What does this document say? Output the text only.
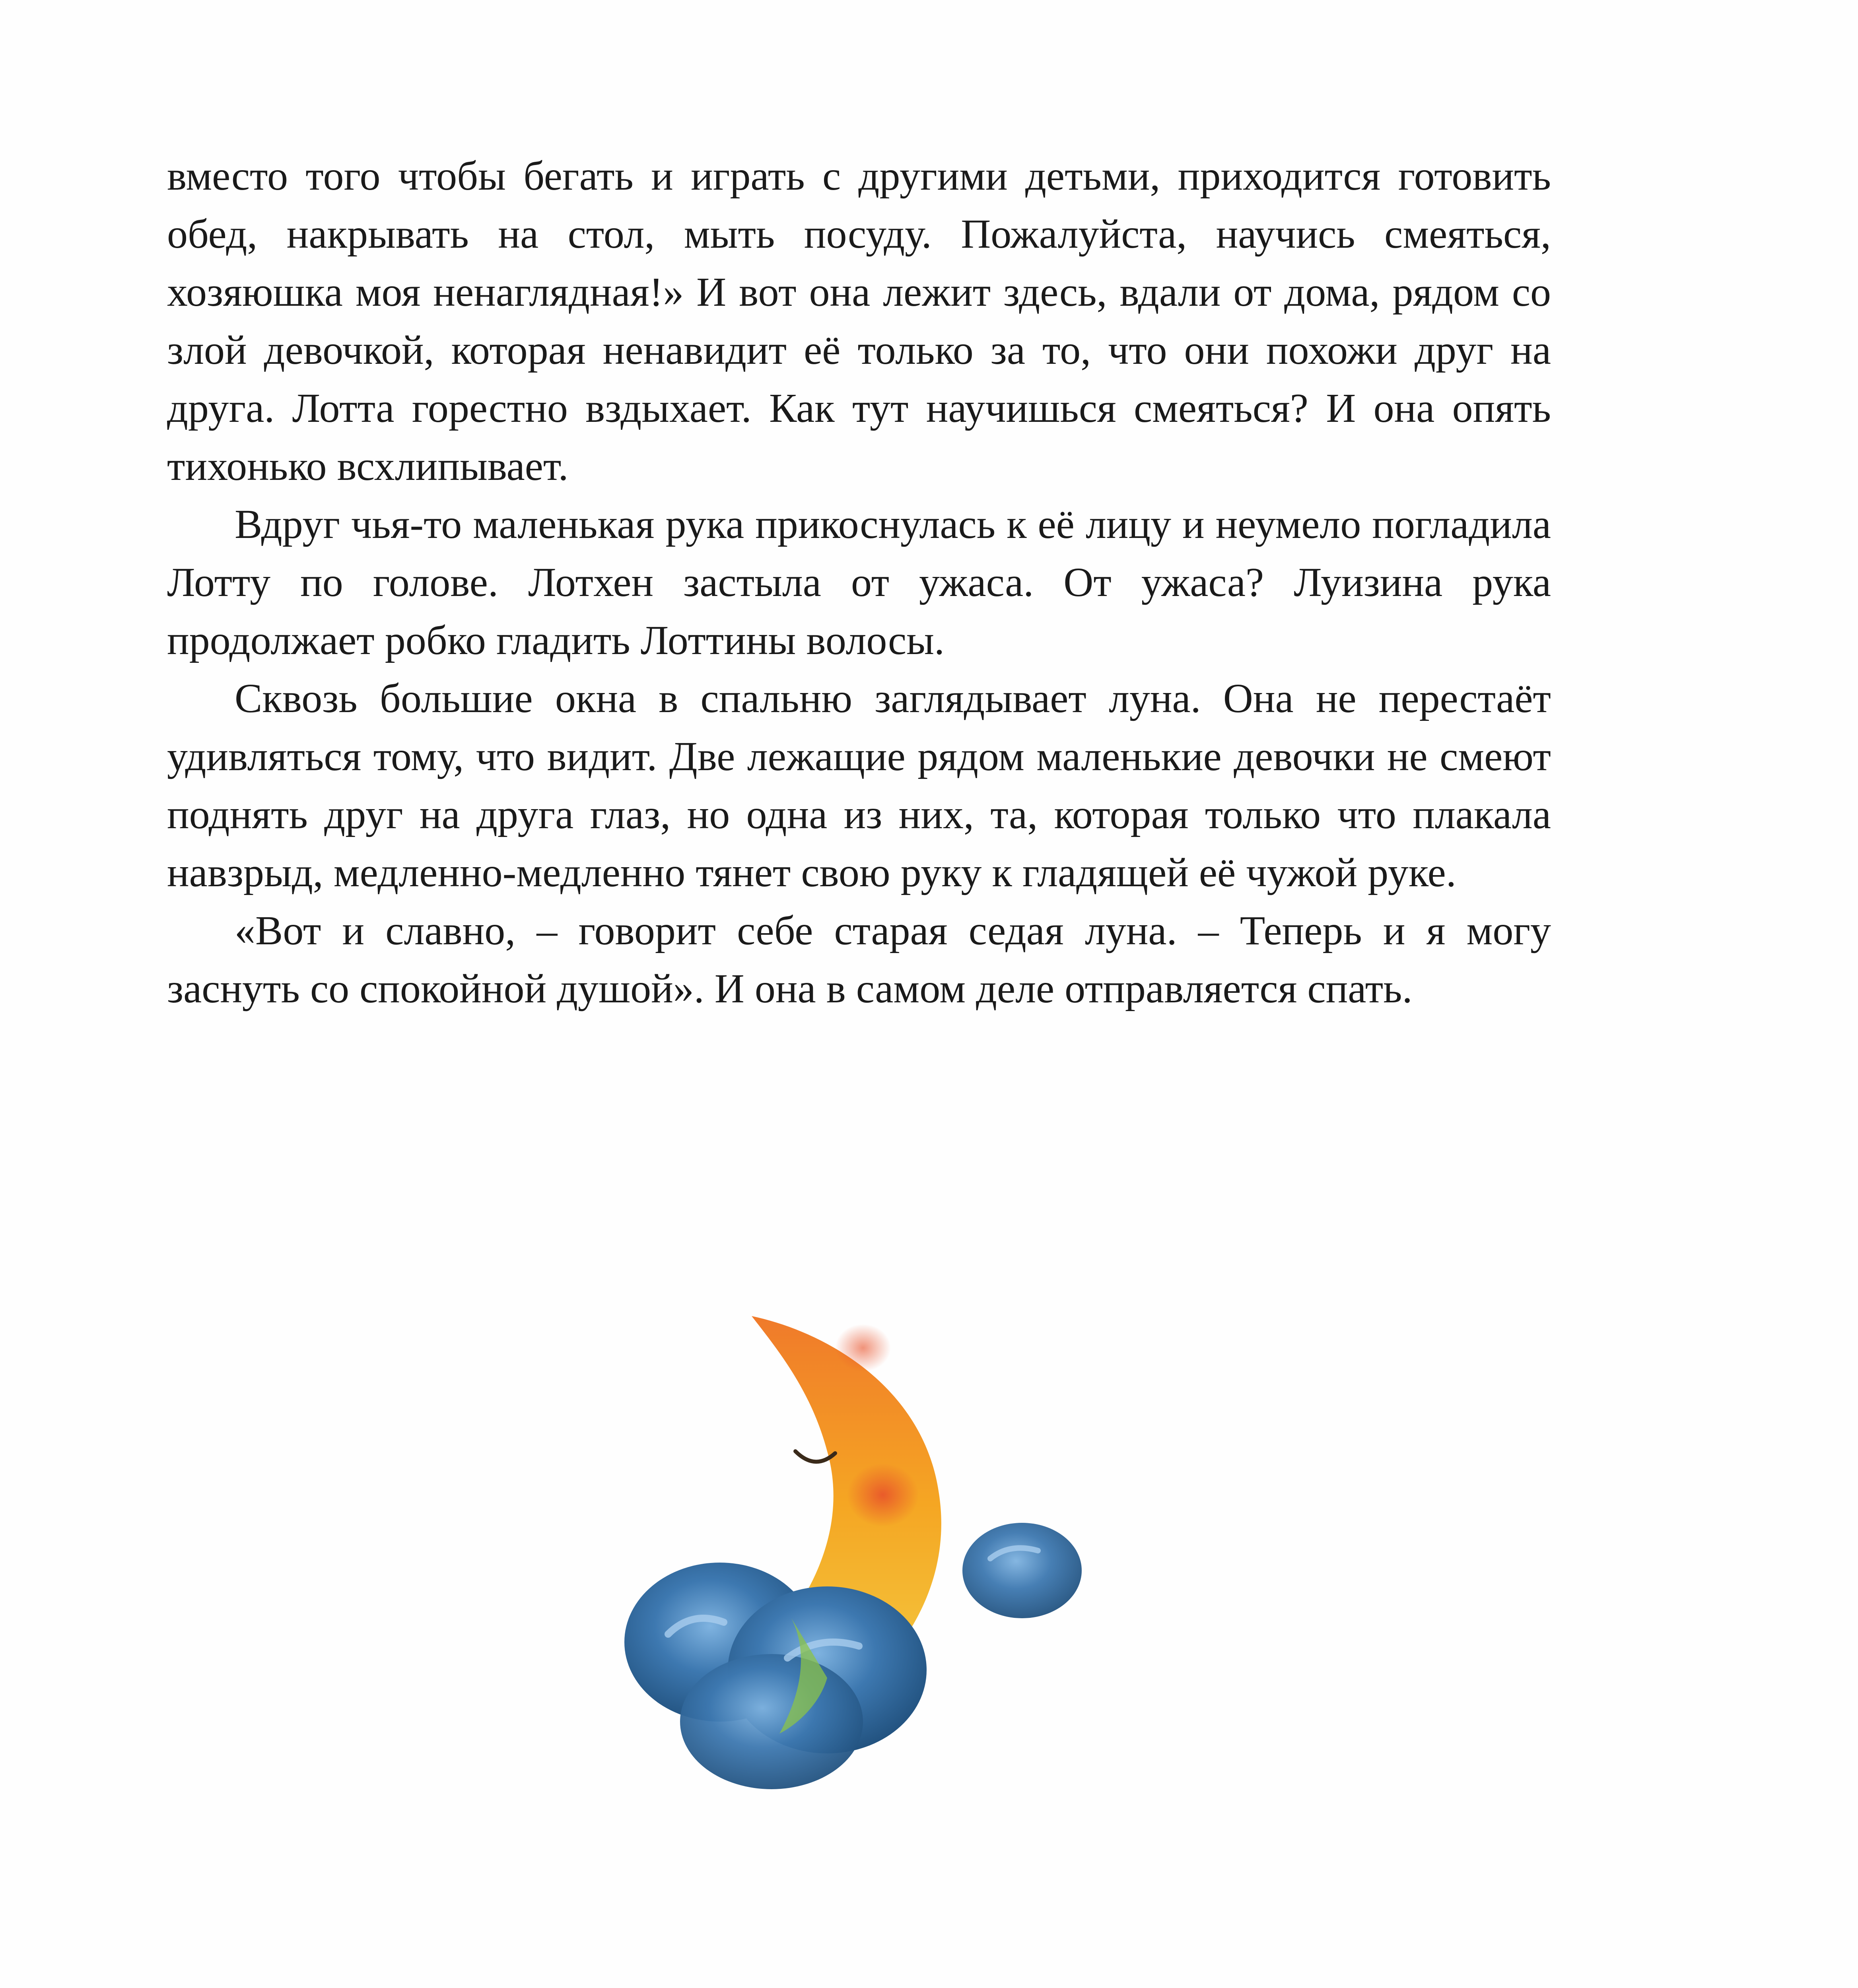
вместо того чтобы бегать и играть с другими детьми, приходится готовить обед, накрывать на стол, мыть посуду. Пожалуйста, научись смеяться, хозяюшка моя ненаглядная!» И вот она лежит здесь, вдали от дома, рядом со злой девочкой, которая ненавидит её только за то, что они похожи друг на друга. Лотта горестно вздыхает. Как тут научишься смеяться? И она опять тихонько всхлипывает.

Вдруг чья-то маленькая рука прикоснулась к её лицу и неумело погладила Лотту по голове. Лотхен застыла от ужаса. От ужаса? Луизина рука продолжает робко гладить Лоттины волосы.

Сквозь большие окна в спальню заглядывает луна. Она не перестаёт удивляться тому, что видит. Две лежащие рядом маленькие девочки не смеют поднять друг на друга глаз, но одна из них, та, которая только что плакала навзрыд, медленно-медленно тянет свою руку к гладящей её чужой руке.

«Вот и славно, – говорит себе старая седая луна. – Теперь и я могу заснуть со спокойной душой». И она в самом деле отправляется спать.
